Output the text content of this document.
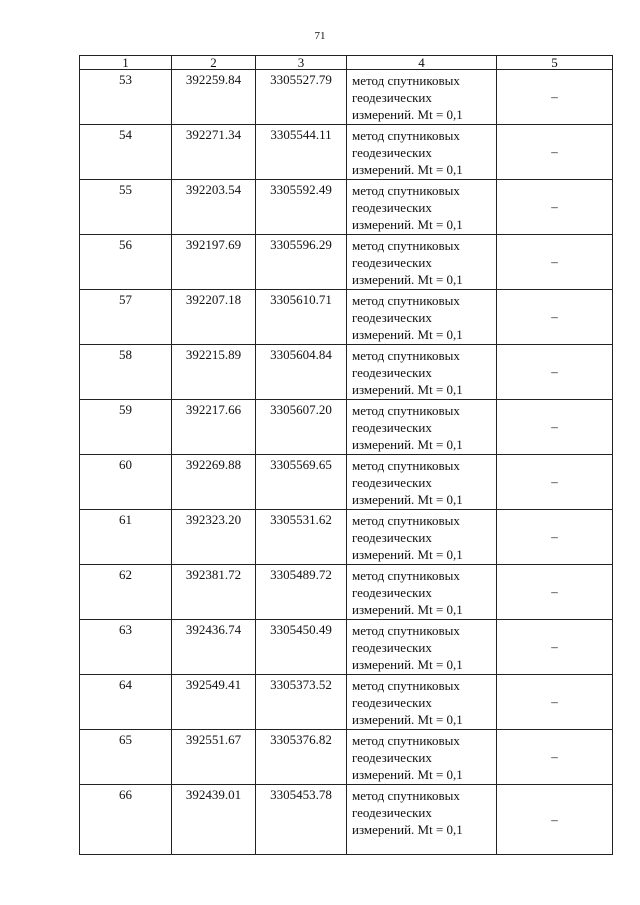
71
1	2	3	4	5
53	392259.84	3305527.79	метод спутниковых
геодезических
измерений. Mt = 0,1	–
54	392271.34	3305544.11	метод спутниковых
геодезических
измерений. Mt = 0,1	–
55	392203.54	3305592.49	метод спутниковых
геодезических
измерений. Mt = 0,1	–
56	392197.69	3305596.29	метод спутниковых
геодезических
измерений. Mt = 0,1	–
57	392207.18	3305610.71	метод спутниковых
геодезических
измерений. Mt = 0,1	–
58	392215.89	3305604.84	метод спутниковых
геодезических
измерений. Mt = 0,1	–
59	392217.66	3305607.20	метод спутниковых
геодезических
измерений. Mt = 0,1	–
60	392269.88	3305569.65	метод спутниковых
геодезических
измерений. Mt = 0,1	–
61	392323.20	3305531.62	метод спутниковых
геодезических
измерений. Mt = 0,1	–
62	392381.72	3305489.72	метод спутниковых
геодезических
измерений. Mt = 0,1	–
63	392436.74	3305450.49	метод спутниковых
геодезических
измерений. Mt = 0,1	–
64	392549.41	3305373.52	метод спутниковых
геодезических
измерений. Mt = 0,1	–
65	392551.67	3305376.82	метод спутниковых
геодезических
измерений. Mt = 0,1	–
66	392439.01	3305453.78	метод спутниковых
геодезических
измерений. Mt = 0,1	–
